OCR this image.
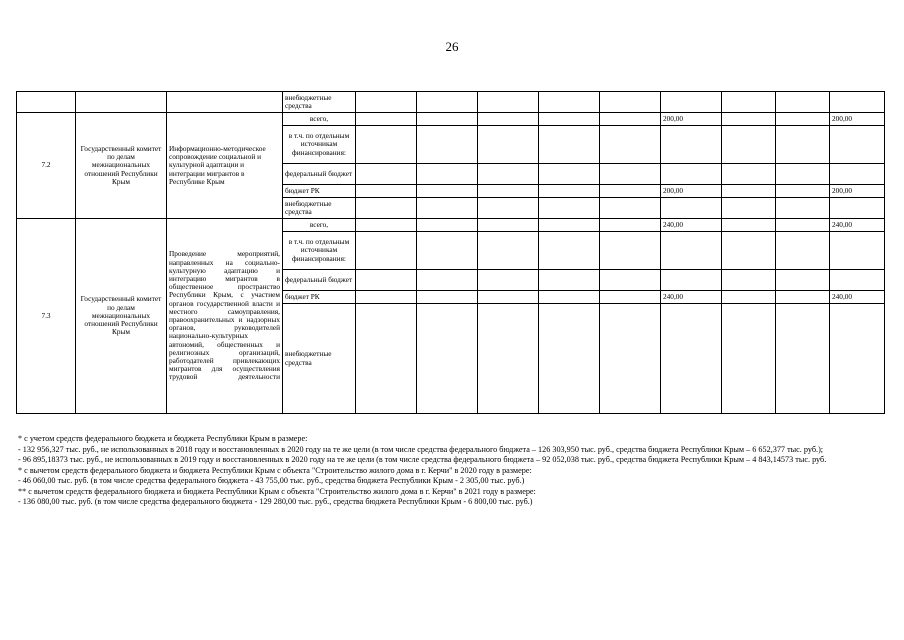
26
			внебюджетные средства									
7.2	Государственный комитет по делам межнациональных отношений Республики Крым	Информационно-методическое сопровождение социальной и культурной адаптации и интеграции мигрантов в Республике Крым	всего,						200,00			200,00
			в т.ч. по отдельным источникам финансирования:									
			федеральный бюджет									
			бюджет РК						200,00			200,00
			внебюджетные средства									
7.3	Государственный комитет по делам межнациональных отношений Республики Крым	Проведение мероприятий, направленных на социально-культурную адаптацию и интеграцию мигрантов в общественное пространство Республики Крым, с участием органов государственной власти и местного самоуправления, правоохранительных и надзорных органов, руководителей национально-культурных автономий, общественных и религиозных организаций, работодателей привлекающих мигрантов для осуществления трудовой деятельности	всего,						240,00			240,00
			в т.ч. по отдельным источникам финансирования:									
			федеральный бюджет									
			бюджет РК						240,00			240,00
			внебюджетные средства									
* с учетом средств федерального бюджета и бюджета Республики Крым в размере:
- 132 956,327 тыс. руб., не использованных в 2018 году и восстановленных в 2020 году на те же цели (в том числе средства федерального бюджета – 126 303,950 тыс. руб., средства бюджета Республики Крым – 6 652,377 тыс. руб.);
- 96 895,18373 тыс. руб., не использованных в 2019 году и восстановленных в 2020 году на те же цели (в том числе средства федерального бюджета – 92 052,038 тыс. руб., средства бюджета Республики Крым – 4 843,14573 тыс. руб.
* с вычетом средств федерального бюджета и бюджета Республики Крым с объекта "Строительство жилого дома в г. Керчи" в 2020 году в размере:
- 46 060,00 тыс. руб. (в том числе средства федерального бюджета - 43 755,00 тыс. руб., средства бюджета Республики Крым - 2 305,00 тыс. руб.)
** с вычетом средств федерального бюджета и бюджета Республики Крым с объекта "Строительство жилого дома в г. Керчи" в 2021 году в размере:
- 136 080,00 тыс. руб. (в том числе средства федерального бюджета - 129 280,00 тыс. руб., средства бюджета Республики Крым - 6 800,00 тыс. руб.)
